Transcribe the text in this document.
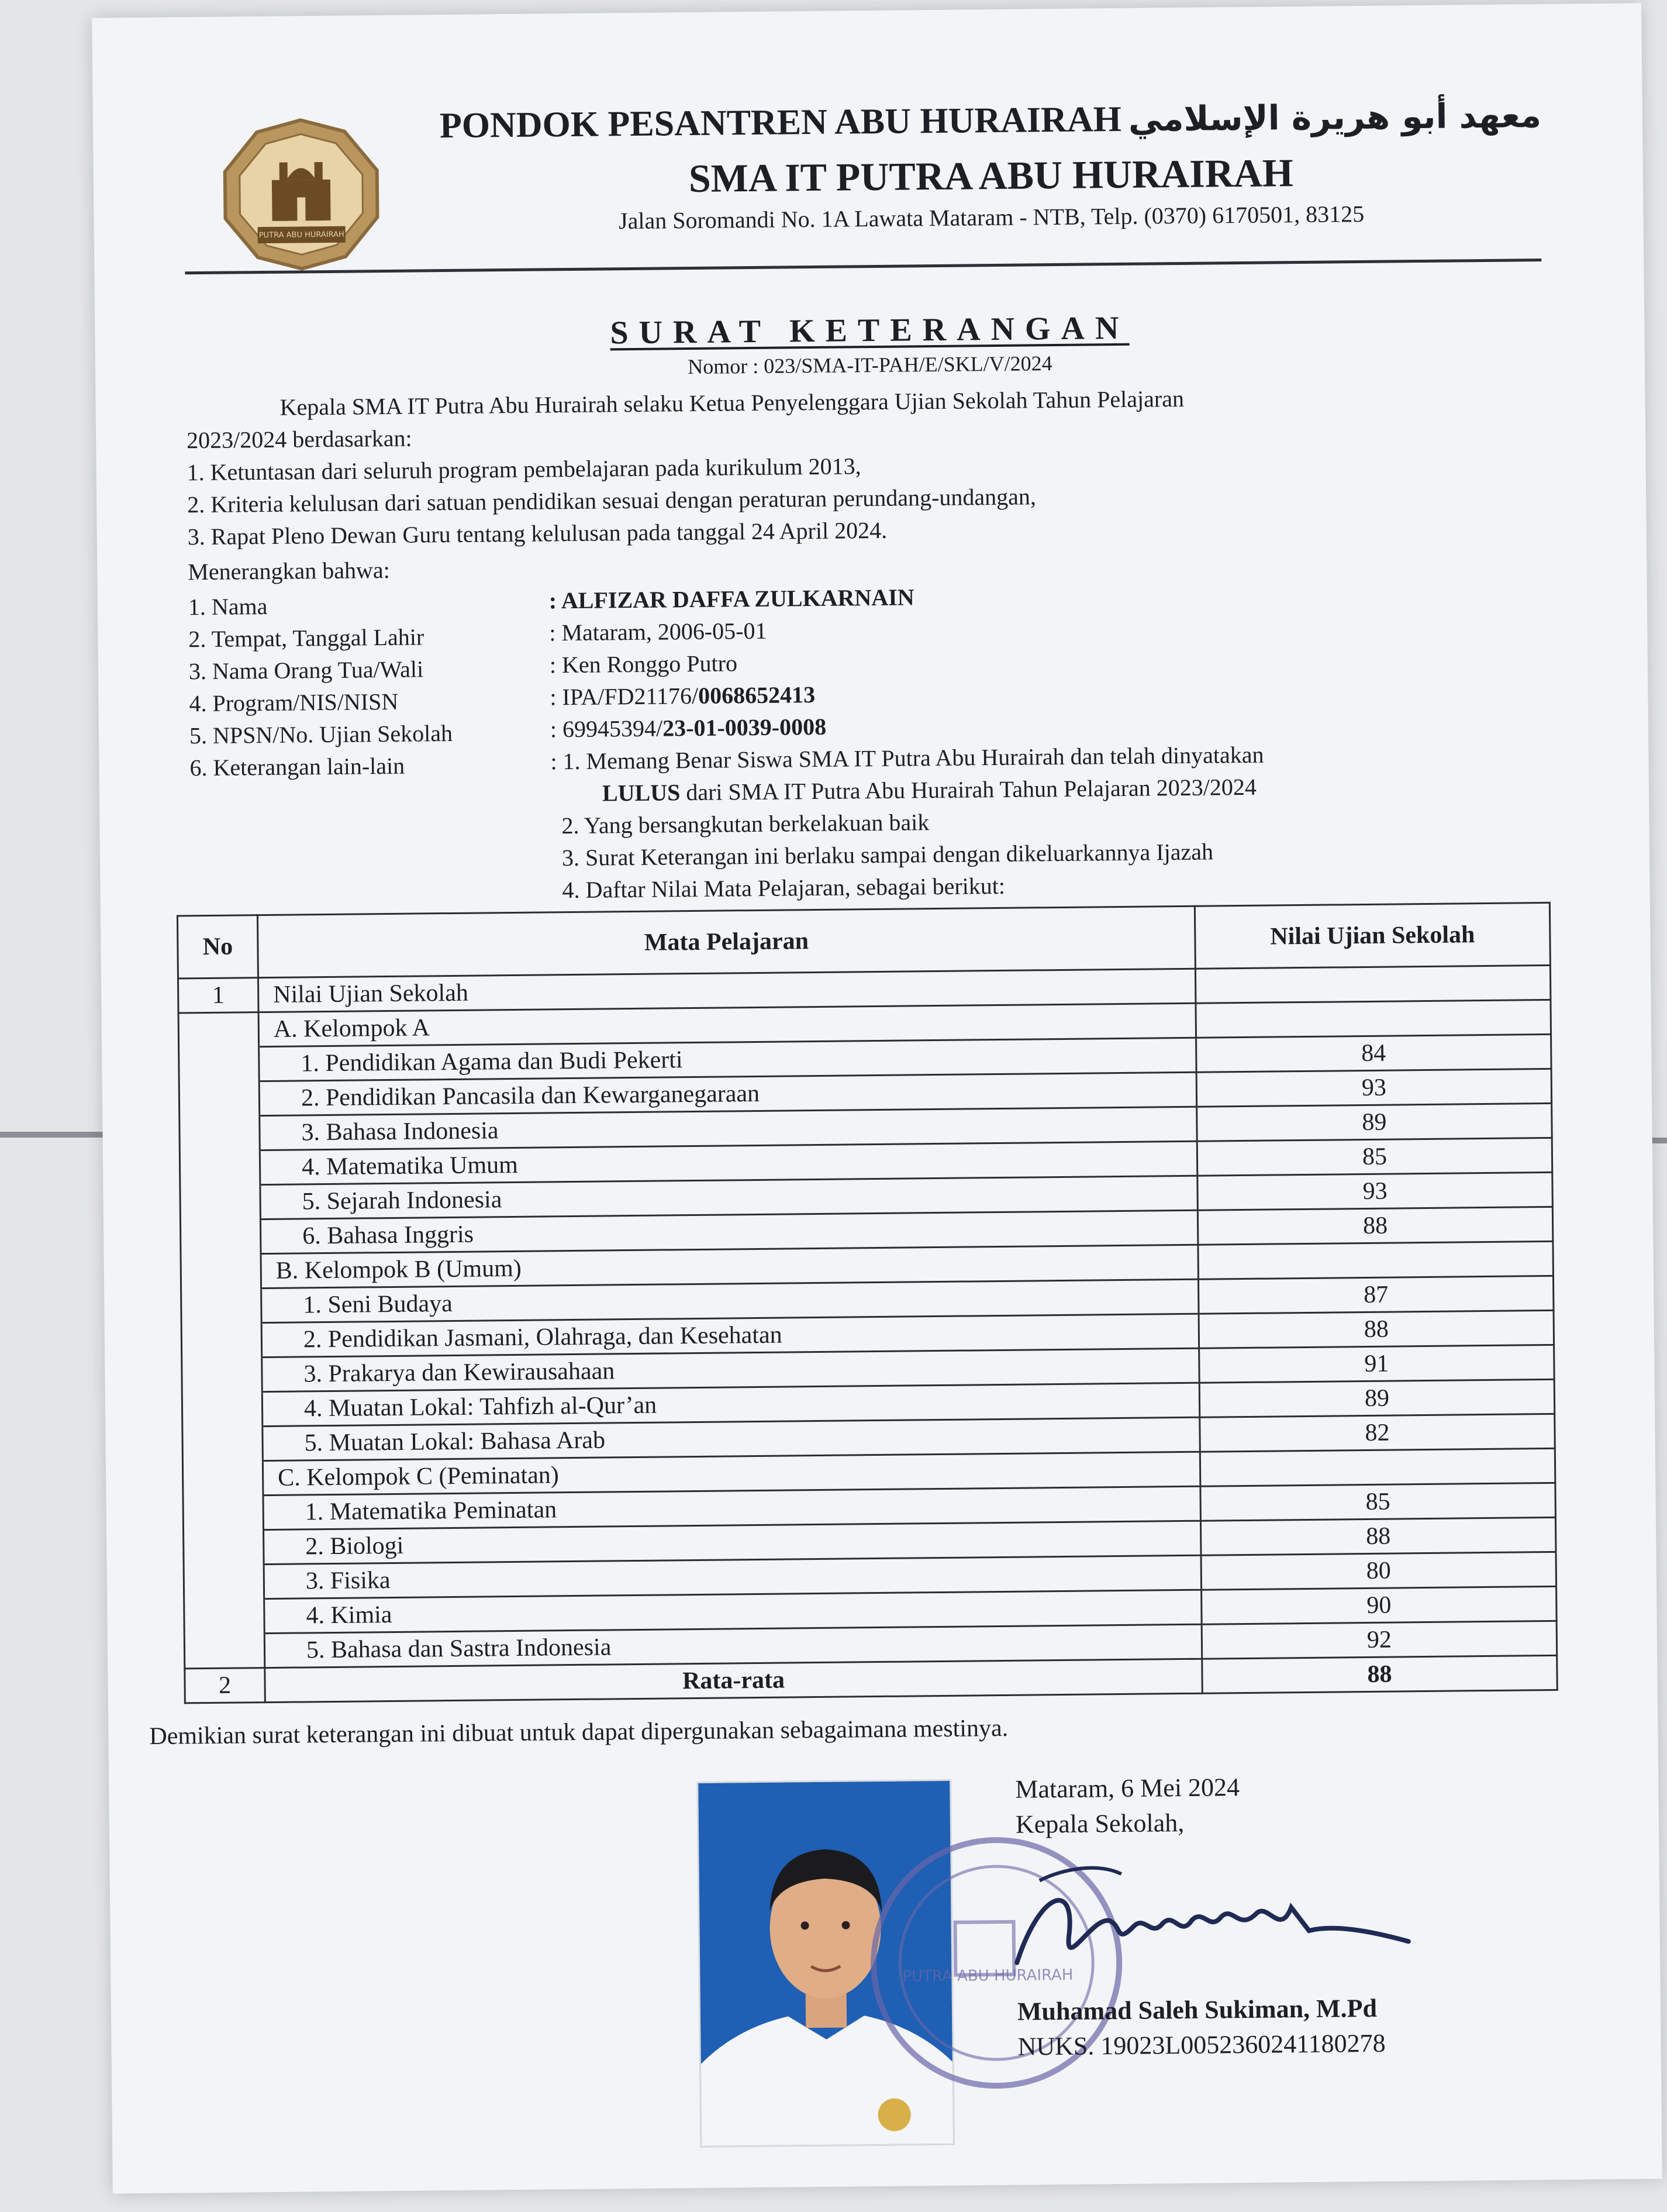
PUTRA ABU HURAIRAH
PONDOK PESANTREN ABU HURAIRAH معهد أبو هريرة الإسلامي
SMA IT PUTRA ABU HURAIRAH
Jalan Soromandi No. 1A Lawata Mataram - NTB, Telp. (0370) 6170501, 83125
SURAT KETERANGAN
Nomor : 023/SMA-IT-PAH/E/SKL/V/2024
Kepala SMA IT Putra Abu Hurairah selaku Ketua Penyelenggara Ujian Sekolah Tahun Pelajaran
2023/2024 berdasarkan:
1. Ketuntasan dari seluruh program pembelajaran pada kurikulum 2013,
2. Kriteria kelulusan dari satuan pendidikan sesuai dengan peraturan perundang-undangan,
3. Rapat Pleno Dewan Guru tentang kelulusan pada tanggal 24 April 2024.
Menerangkan bahwa:
1. Nama	: ALFIZAR DAFFA ZULKARNAIN
2. Tempat, Tanggal Lahir	: Mataram, 2006-05-01
3. Nama Orang Tua/Wali	: Ken Ronggo Putro
4. Program/NIS/NISN	: IPA/FD21176/0068652413
5. NPSN/No. Ujian Sekolah	: 69945394/23-01-0039-0008
6. Keterangan lain-lain	: 1. Memang Benar Siswa SMA IT Putra Abu Hurairah dan telah dinyatakan
LULUS dari SMA IT Putra Abu Hurairah Tahun Pelajaran 2023/2024
2. Yang bersangkutan berkelakuan baik
3. Surat Keterangan ini berlaku sampai dengan dikeluarkannya Ijazah
4. Daftar Nilai Mata Pelajaran, sebagai berikut:
No	Mata Pelajaran	Nilai Ujian Sekolah
1	Nilai Ujian Sekolah	
	A. Kelompok A	
	1. Pendidikan Agama dan Budi Pekerti	84
	2. Pendidikan Pancasila dan Kewarganegaraan	93
	3. Bahasa Indonesia	89
	4. Matematika Umum	85
	5. Sejarah Indonesia	93
	6. Bahasa Inggris	88
	B. Kelompok B (Umum)	
	1. Seni Budaya	87
	2. Pendidikan Jasmani, Olahraga, dan Kesehatan	88
	3. Prakarya dan Kewirausahaan	91
	4. Muatan Lokal: Tahfizh al-Qur’an	89
	5. Muatan Lokal: Bahasa Arab	82
	C. Kelompok C (Peminatan)	
	1. Matematika Peminatan	85
	2. Biologi	88
	3. Fisika	80
	4. Kimia	90
	5. Bahasa dan Sastra Indonesia	92
2	Rata-rata	88
Demikian surat keterangan ini dibuat untuk dapat dipergunakan sebagaimana mestinya.
PUTRA ABU HURAIRAH
Mataram, 6 Mei 2024
Kepala Sekolah,
Muhamad Saleh Sukiman, M.Pd
NUKS. 19023L0052360241180278
